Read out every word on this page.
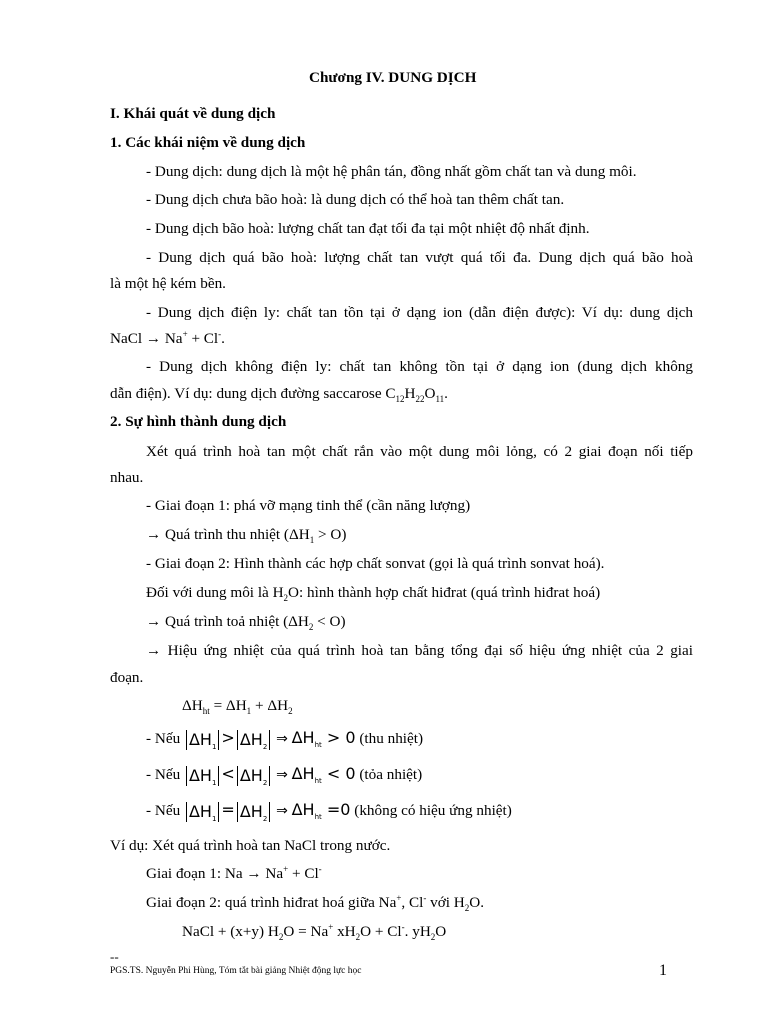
Chương IV. DUNG DỊCH
I. Khái quát về dung dịch
1. Các khái niệm về dung dịch
- Dung dịch: dung dịch là một hệ phân tán, đồng nhất gồm chất tan và dung môi.
- Dung dịch chưa bão hoà: là dung dịch có thể hoà tan thêm chất tan.
- Dung dịch bão hoà: lượng chất tan đạt tối đa tại một nhiệt độ nhất định.
- Dung dịch quá bão hoà: lượng chất tan vượt quá tối đa. Dung dịch quá bão hoà
là một hệ kém bền.
- Dung dịch điện ly: chất tan tồn tại ở dạng ion (dẫn điện được): Ví dụ: dung dịch
NaCl → Na+ + Cl-.
- Dung dịch không điện ly: chất tan không tồn tại ở dạng ion (dung dịch không
dẫn điện). Ví dụ: dung dịch đường saccarose $C_{12}H_{22}O_{11}$.
2. Sự hình thành dung dịch
Xét quá trình hoà tan một chất rắn vào một dung môi lỏng, có 2 giai đoạn nối tiếp
nhau.
- Giai đoạn 1: phá vỡ mạng tinh thể (cần năng lượng)
→ Quá trình thu nhiệt $(\Delta H_1 > O)$
- Giai đoạn 2: Hình thành các hợp chất sonvat (gọi là quá trình sonvat hoá).
Đối với dung môi là $H_2O$: hình thành hợp chất hiđrat (quá trình hiđrat hoá)
→ Quá trình toả nhiệt $(\Delta H_2 < O)$
→ Hiệu ứng nhiệt của quá trình hoà tan bằng tổng đại số hiệu ứng nhiệt của 2 giai
đoạn.
$\Delta H_{ht} = \Delta H_1 + \Delta H_2$
- Nếu $\Delta H_1 > \Delta H_2$ ⇒ $\Delta H_{ht} > 0$ (thu nhiệt)
- Nếu $\Delta H_1 < \Delta H_2$ ⇒ $\Delta H_{ht} < 0$ (tỏa nhiệt)
- Nếu $\Delta H_1 = \Delta H_2$ ⇒ $\Delta H_{ht} =0$ (không có hiệu ứng nhiệt)
Ví dụ: Xét quá trình hoà tan NaCl trong nước.
Giai đoạn 1: Na → Na+ + Cl-
Giai đoạn 2: quá trình hiđrat hoá giữa Na+, Cl- với $H_2O$.
NaCl + (x+y) $H_2O = Na^+$ $xH_2O + Cl^-$. $yH_2O$
--
PGS.TS. Nguyễn Phi Hùng, Tóm tắt bài giảng Nhiệt động lực học	1
